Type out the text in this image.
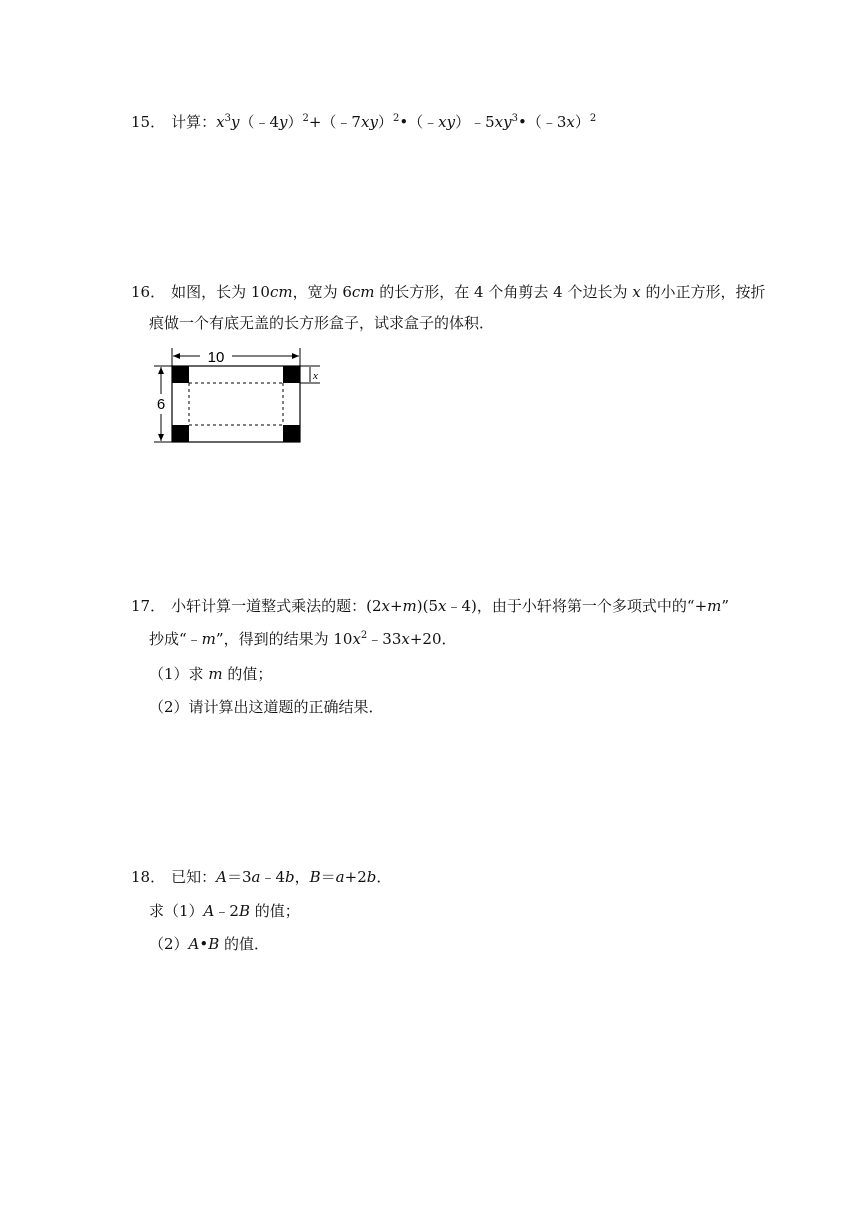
15． 计算：$x^3y(﹣4y)^2+(﹣7xy)^2•(﹣xy)﹣5xy^3•(﹣3x)^2$
16． 如图，长为 10cm，宽为 6cm 的长方形，在 4 个角剪去 4 个边长为 x 的小正方形，按折
痕做一个有底无盖的长方形盒子，试求盒子的体积．
10
6
x
17． 小轩计算一道整式乘法的题：(2x+m)(5x﹣4)，由于小轩将第一个多项式中的“+m”
抄成“﹣m”，得到的结果为 $10x^2﹣33x+20$．
（1）求 m 的值；
（2）请计算出这道题的正确结果．
18． 已知：A＝3a﹣4b，B＝a+2b．
求（1）A﹣2B 的值；
（2）A•B 的值．
